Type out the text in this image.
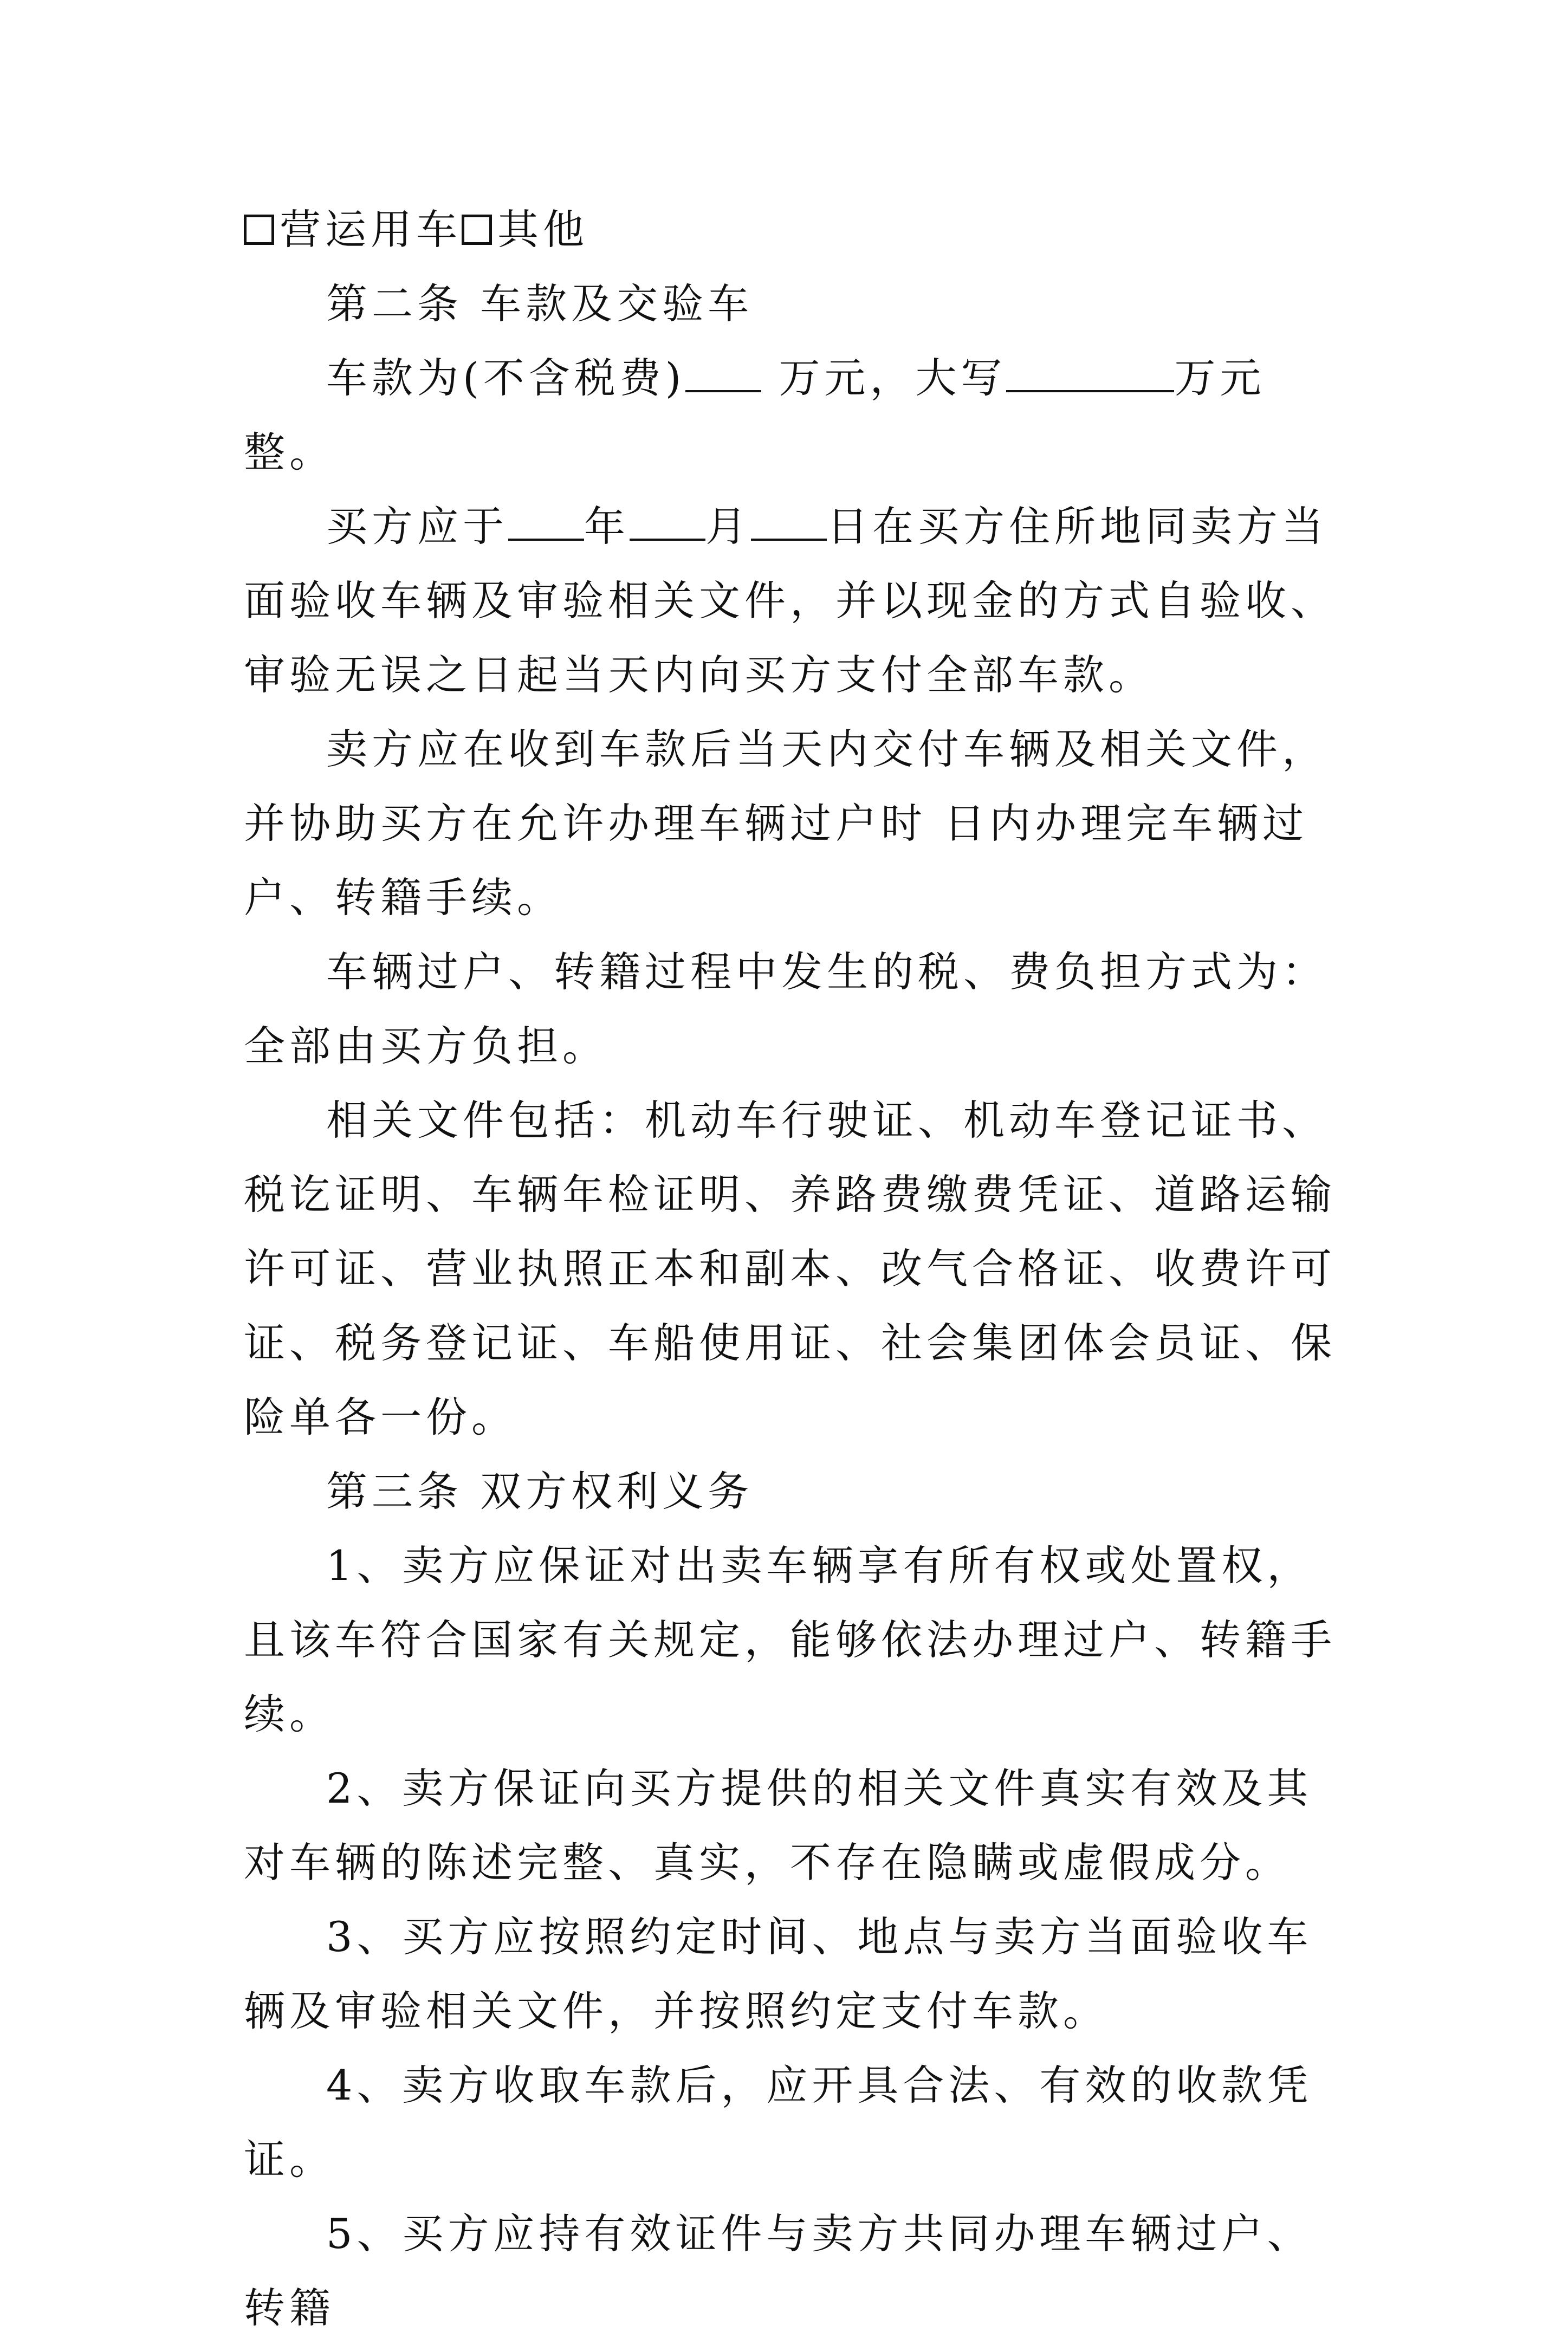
营运用车 其他

第二条 车款及交验车

车款为(不含税费) 万元，大写	万元整。

买方应于 年 月 日在买方住所地同卖方当面验收车辆及审验相关文件，并以现金的方式自验收、审验无误之日起当天内向买方支付全部车款。

卖方应在收到车款后当天内交付车辆及相关文件，并协助买方在允许办理车辆过户时 日内办理完车辆过户、转籍手续。

车辆过户、转籍过程中发生的税、费负担方式为：全部由买方负担。

相关文件包括：机动车行驶证、机动车登记证书、税讫证明、车辆年检证明、养路费缴费凭证、道路运输许可证、营业执照正本和副本、改气合格证、收费许可证、税务登记证、车船使用证、社会集团体会员证、保险单各一份。

第三条 双方权利义务

1、卖方应保证对出卖车辆享有所有权或处置权，且该车符合国家有关规定，能够依法办理过户、转籍手续。

2、卖方保证向买方提供的相关文件真实有效及其对车辆的陈述完整、真实，不存在隐瞒或虚假成分。

3、买方应按照约定时间、地点与卖方当面验收车辆及审验相关文件，并按照约定支付车款。

4、卖方收取车款后，应开具合法、有效的收款凭证。

5、买方应持有效证件与卖方共同办理车辆过户、转籍
